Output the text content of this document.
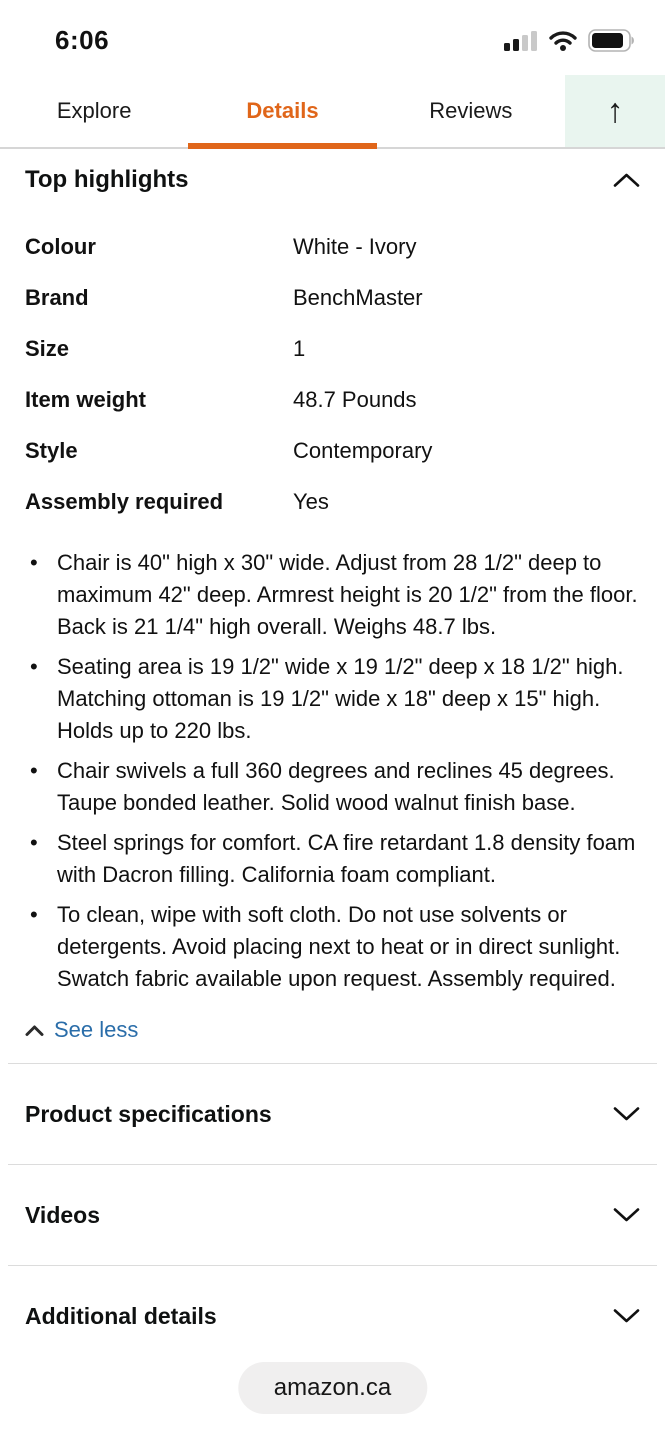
6:06
Explore	Details	Reviews	↑
Top highlights
Colour	White - Ivory
Brand	BenchMaster
Size	1
Item weight	48.7 Pounds
Style	Contemporary
Assembly required	Yes
• Chair is 40" high x 30" wide. Adjust from 28 1/2" deep to maximum 42" deep. Armrest height is 20 1/2" from the floor. Back is 21 1/4" high overall. Weighs 48.7 lbs.
• Seating area is 19 1/2" wide x 19 1/2" deep x 18 1/2" high. Matching ottoman is 19 1/2" wide x 18" deep x 15" high. Holds up to 220 lbs.
• Chair swivels a full 360 degrees and reclines 45 degrees. Taupe bonded leather. Solid wood walnut finish base.
• Steel springs for comfort. CA fire retardant 1.8 density foam with Dacron filling. California foam compliant.
• To clean, wipe with soft cloth. Do not use solvents or detergents. Avoid placing next to heat or in direct sunlight. Swatch fabric available upon request. Assembly required.
See less
Product specifications
Videos
Additional details
amazon.ca
